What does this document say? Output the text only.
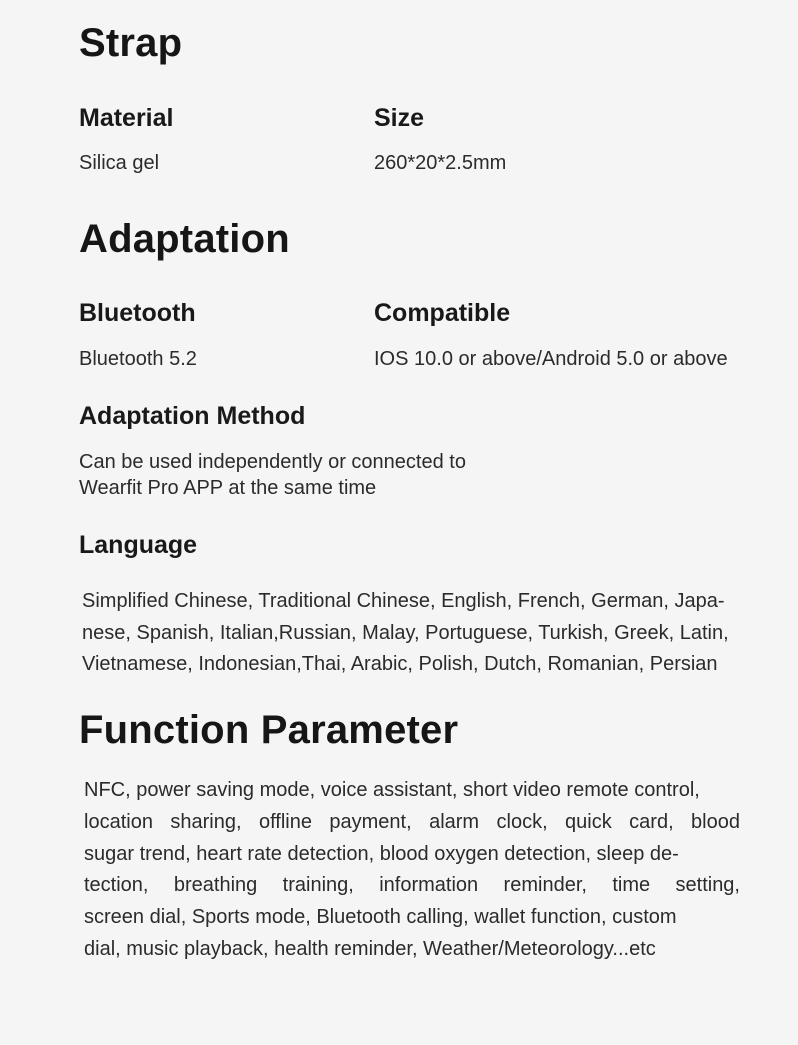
Strap
Material
Silica gel
Size
260*20*2.5mm
Adaptation
Bluetooth
Bluetooth 5.2
Compatible
IOS 10.0 or above/Android 5.0 or above
Adaptation Method
Can be used independently or connected to
Wearfit Pro APP at the same time
Language
Simplified Chinese, Traditional Chinese, English, French, German, Japa-
nese, Spanish, Italian,Russian, Malay, Portuguese, Turkish, Greek, Latin,
Vietnamese, Indonesian,Thai, Arabic, Polish, Dutch, Romanian, Persian
Function Parameter
NFC, power saving mode, voice assistant, short video remote control,
location sharing, offline payment, alarm clock, quick card, blood
sugar trend, heart rate detection, blood oxygen detection, sleep de-
tection, breathing training, information reminder, time setting,
screen dial, Sports mode, Bluetooth calling, wallet function, custom
dial, music playback, health reminder, Weather/Meteorology...etc
